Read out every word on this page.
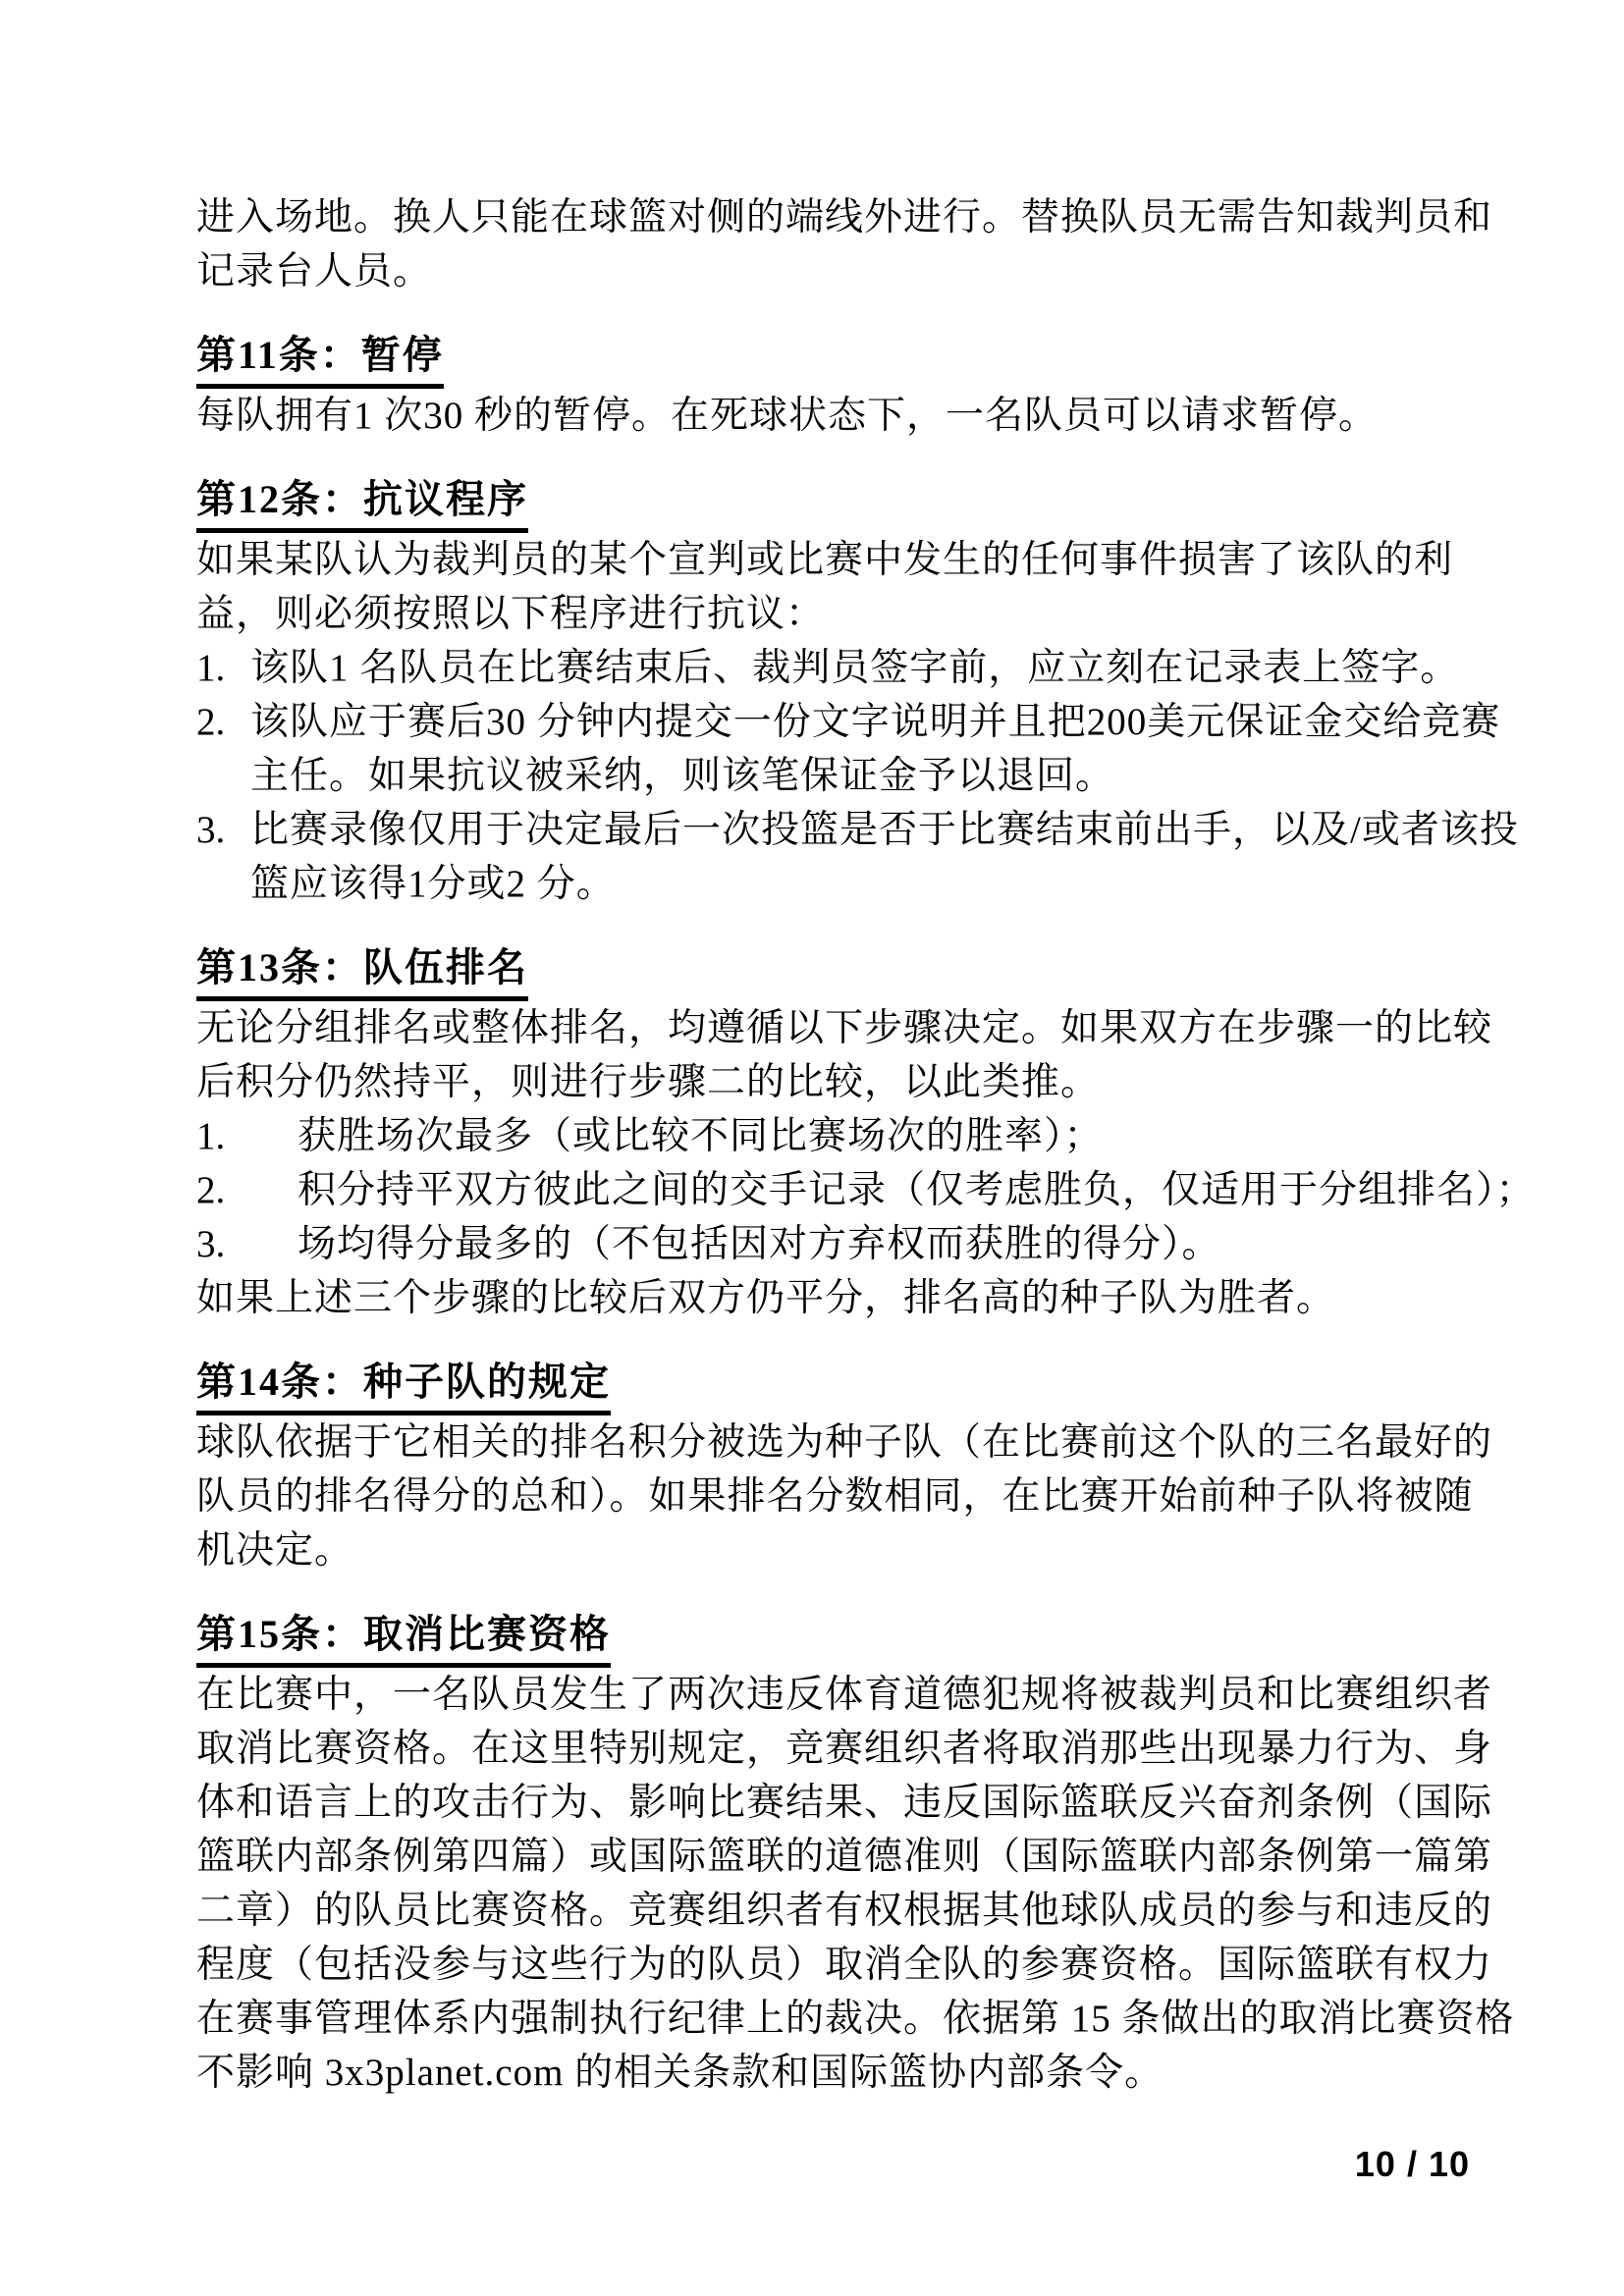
进入场地。换人只能在球篮对侧的端线外进行。替换队员无需告知裁判员和
记录台人员。
第11条：暂停
每队拥有1 次30 秒的暂停。在死球状态下，一名队员可以请求暂停。
第12条：抗议程序
如果某队认为裁判员的某个宣判或比赛中发生的任何事件损害了该队的利
益，则必须按照以下程序进行抗议：
1. 该队1 名队员在比赛结束后、裁判员签字前，应立刻在记录表上签字。
2. 该队应于赛后30 分钟内提交一份文字说明并且把200美元保证金交给竞赛
主任。如果抗议被采纳，则该笔保证金予以退回。
3. 比赛录像仅用于决定最后一次投篮是否于比赛结束前出手，以及/或者该投
篮应该得1分或2 分。
第13条：队伍排名
无论分组排名或整体排名，均遵循以下步骤决定。如果双方在步骤一的比较
后积分仍然持平，则进行步骤二的比较，以此类推。
1.	获胜场次最多（或比较不同比赛场次的胜率）；
2.	积分持平双方彼此之间的交手记录（仅考虑胜负，仅适用于分组排名）；
3.	场均得分最多的（不包括因对方弃权而获胜的得分）。
如果上述三个步骤的比较后双方仍平分，排名高的种子队为胜者。
第14条：种子队的规定
球队依据于它相关的排名积分被选为种子队（在比赛前这个队的三名最好的
队员的排名得分的总和）。如果排名分数相同，在比赛开始前种子队将被随
机决定。
第15条：取消比赛资格
在比赛中，一名队员发生了两次违反体育道德犯规将被裁判员和比赛组织者
取消比赛资格。在这里特别规定，竞赛组织者将取消那些出现暴力行为、身
体和语言上的攻击行为、影响比赛结果、违反国际篮联反兴奋剂条例（国际
篮联内部条例第四篇）或国际篮联的道德准则（国际篮联内部条例第一篇第
二章）的队员比赛资格。竞赛组织者有权根据其他球队成员的参与和违反的
程度（包括没参与这些行为的队员）取消全队的参赛资格。国际篮联有权力
在赛事管理体系内强制执行纪律上的裁决。依据第 15 条做出的取消比赛资格
不影响 3x3planet.com 的相关条款和国际篮协内部条令。
10 / 10
